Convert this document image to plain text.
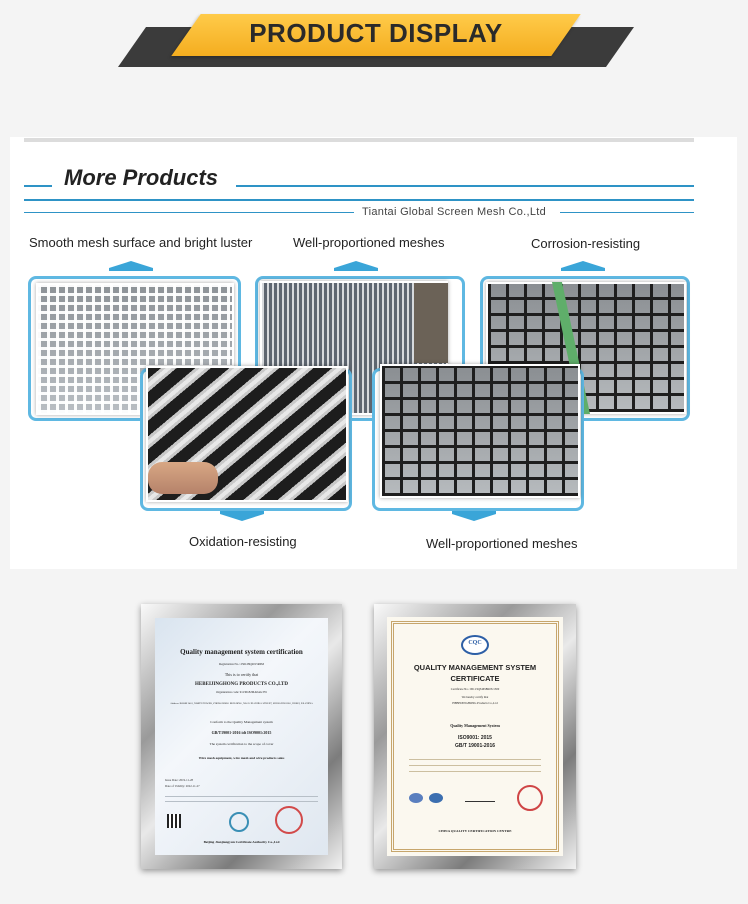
PRODUCT DISPLAY
More Products
Tiantai Global Screen Mesh Co.,Ltd
Smooth mesh surface and bright luster	Well-proportioned meshes	Corrosion-resisting
Oxidation-resisting	Well-proportioned meshes
Quality management system certification
Registration No.: 256128Q2015R0M
This is to certify that
HEBEIJINGHONG PRODUCTS CO.,LTD
Organization code: 91130182MA0AG355
Address: ROOM 2401, NORTH TOWER, ZHONGHONG BUILDING, NO.25 XIANHUA STREET, SHIJIAZHUANG, HEBEI, P.R.CHINA
Conform to the Quality Management system
GB/T19001-2016 idt ISO9001:2015
The system certification to the scope of cover
Wire mesh equipment, wire mesh and wire products sales
Issue Date: 2019-11-28
Date of Validity: 2022-11-27
Beijing Jianjiangyun Certificate Authority Co.,Ltd
CQC
QUALITY MANAGEMENT SYSTEM
CERTIFICATE
Certificate No.: 00113Q34658R0S/1300
We hereby certify that
HEBEIJINGHONG Products Co.,Ltd
Quality Management System
ISO9001: 2015
GB/T 19001-2016
CHINA QUALITY CERTIFICATION CENTRE
